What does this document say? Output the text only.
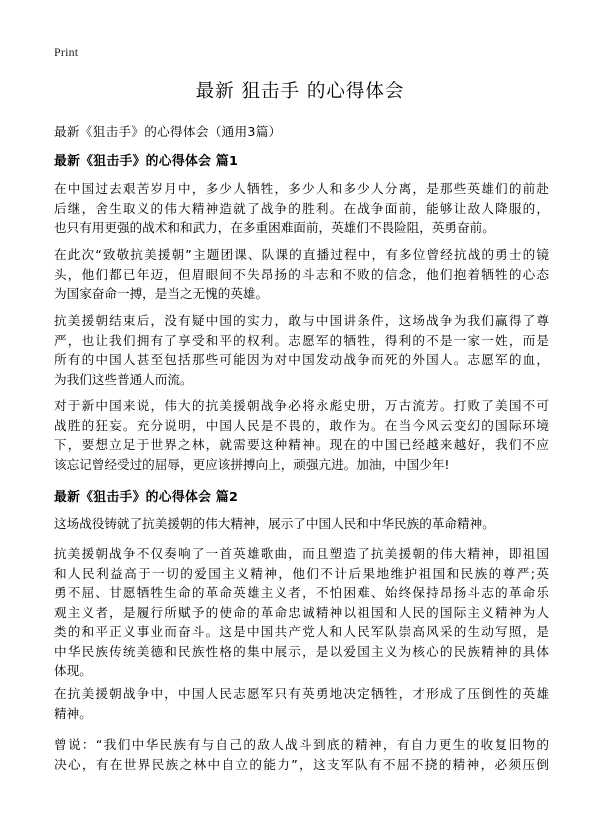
Print
最新 狙击手 的心得体会
最新《狙击手》的心得体会（通用3篇）
最新《狙击手》的心得体会 篇1
在中国过去艰苦岁月中，多少人牺牲，多少人和多少人分离，是那些英雄们的前赴
后继，舍生取义的伟大精神造就了战争的胜利。在战争面前，能够让敌人降服的，
也只有用更强的战术和和武力，在多重困难面前，英雄们不畏险阻，英勇奋前。
在此次“致敬抗美援朝”主题团课、队课的直播过程中，有多位曾经抗战的勇士的镜
头，他们都已年迈，但眉眼间不失昂扬的斗志和不败的信念，他们抱着牺牲的心态
为国家奋命一搏，是当之无愧的英雄。
抗美援朝结束后，没有疑中国的实力，敢与中国讲条件，这场战争为我们赢得了尊
严，也让我们拥有了享受和平的权利。志愿军的牺牲，得利的不是一家一姓，而是
所有的中国人甚至包括那些可能因为对中国发动战争而死的外国人。志愿军的血，
为我们这些普通人而流。
对于新中国来说，伟大的抗美援朝战争必将永彪史册，万古流芳。打败了美国不可
战胜的狂妄。充分说明，中国人民是不畏的，敢作为。在当今风云变幻的国际环境
下，要想立足于世界之林，就需要这种精神。现在的中国已经越来越好，我们不应
该忘记曾经受过的屈辱，更应该拼搏向上，顽强亢进。加油，中国少年!
最新《狙击手》的心得体会 篇2
这场战役铸就了抗美援朝的伟大精神，展示了中国人民和中华民族的革命精神。
抗美援朝战争不仅奏响了一首英雄歌曲，而且塑造了抗美援朝的伟大精神，即祖国
和人民利益高于一切的爱国主义精神，他们不计后果地维护祖国和民族的尊严;英
勇不屈、甘愿牺牲生命的革命英雄主义者，不怕困难、始终保持昂扬斗志的革命乐
观主义者，是履行所赋予的使命的革命忠诚精神以祖国和人民的国际主义精神为人
类的和平正义事业而奋斗。这是中国共产党人和人民军队崇高风采的生动写照，是
中华民族传统美德和民族性格的集中展示，是以爱国主义为核心的民族精神的具体
体现。
在抗美援朝战争中，中国人民志愿军只有英勇地决定牺牲，才形成了压倒性的英雄
精神。
曾说：“我们中华民族有与自己的敌人战斗到底的精神，有自力更生的收复旧物的
决心，有在世界民族之林中自立的能力”，这支军队有不屈不挠的精神，必须压倒
